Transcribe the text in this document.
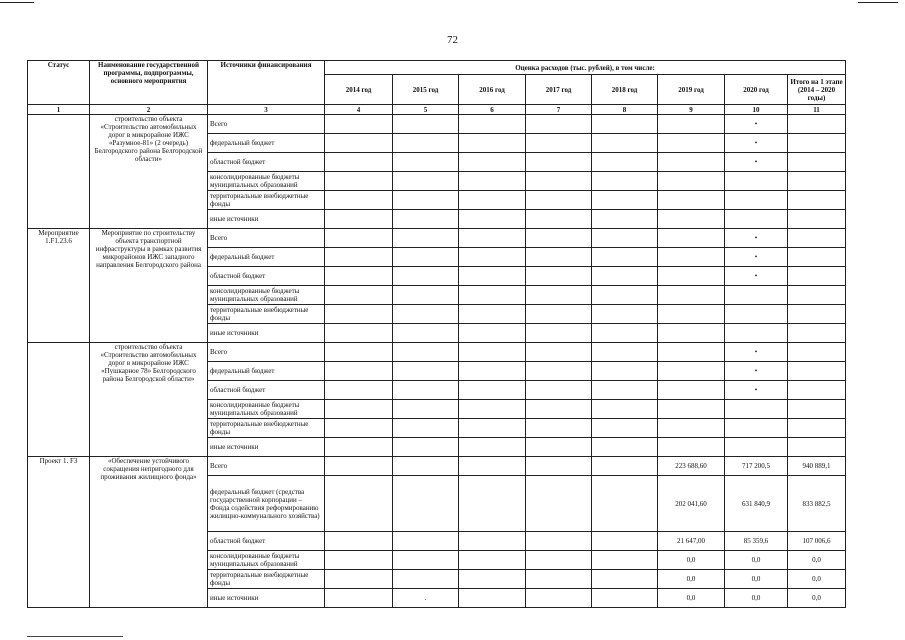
72
Статус	Наименование государственной программы, подпрограммы, основного мероприятия	Источники финансирования	Оценка расходов (тыс. рублей), в том числе:							
			2014 год	2015 год	2016 год	2017 год	2018 год	2019 год	2020 год	Итого на 1 этапе (2014 – 2020 годы)
1	2	3	4	5	6	7	8	9	10	11
	строительство объекта «Строительство автомобильных дорог в микрорайоне ИЖС «Разумное-81» (2 очередь) Белгородского района Белгородской области»	Всего							•	
		федеральный бюджет							•	
		областной бюджет							•	
		консолидированные бюджеты муниципальных образований								
		территориальные внебюджетные фонды								
		иные источники								
Мероприятие 1.F1.23.6	Мероприятие по строительству объекта транспортной инфраструктуры в рамках развития микрорайонов ИЖС западного направления Белгородского района	Всего							•	
		федеральный бюджет							•	
		областной бюджет							•	
		консолидированные бюджеты муниципальных образований								
		территориальные внебюджетные фонды								
		иные источники								
	строительство объекта «Строительство автомобильных дорог в микрорайоне ИЖС «Пушкарное 78» Белгородского района Белгородской области»	Всего							•	
		федеральный бюджет							•	
		областной бюджет							•	
		консолидированные бюджеты муниципальных образований								
		территориальные внебюджетные фонды								
		иные источники								
Проект 1. F3	«Обеспечение устойчивого сокращения непригодного для проживания жилищного фонда»	Всего						223 688,60	717 200,5	940 889,1
		федеральный бюджет (средства государственной корпорации – Фонда содействия реформированию жилищно-коммунального хозяйства)						202 041,60	631 840,9	833 882,5
		областной бюджет						21 647,00	85 359,6	107 006,6
		консолидированные бюджеты муниципальных образований						0,0	0,0	0,0
		территориальные внебюджетные фонды						0,0	0,0	0,0
		иные источники		.				0,0	0,0	0,0
